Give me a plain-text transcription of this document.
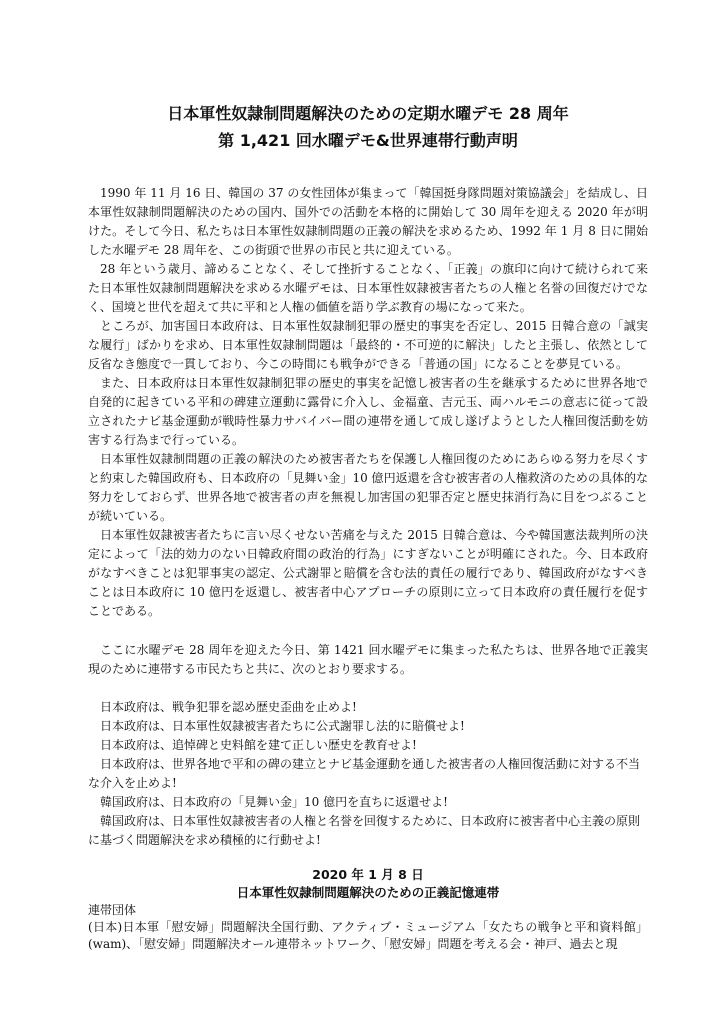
日本軍性奴隷制問題解決のための定期水曜デモ 28 周年
第 1,421 回水曜デモ&世界連帯行動声明

1990 年 11 月 16 日、韓国の 37 の女性団体が集まって「韓国挺身隊問題対策協議会」を結成し、日本軍性奴隷制問題解決のための国内、国外での活動を本格的に開始して 30 周年を迎える 2020 年が明けた。そして今日、私たちは日本軍性奴隷制問題の正義の解決を求めるため、1992 年 1 月 8 日に開始した水曜デモ 28 周年を、この街頭で世界の市民と共に迎えている。

28 年という歳月、諦めることなく、そして挫折することなく、「正義」の旗印に向けて続けられて来た日本軍性奴隷制問題解決を求める水曜デモは、日本軍性奴隷被害者たちの人権と名誉の回復だけでなく、国境と世代を超えて共に平和と人権の価値を語り学ぶ教育の場になって来た。

ところが、加害国日本政府は、日本軍性奴隷制犯罪の歴史的事実を否定し、2015 日韓合意の「誠実な履行」ばかりを求め、日本軍性奴隷制問題は「最終的・不可逆的に解決」したと主張し、依然として反省なき態度で一貫しており、今この時間にも戦争ができる「普通の国」になることを夢見ている。

また、日本政府は日本軍性奴隷制犯罪の歴史的事実を記憶し被害者の生を継承するために世界各地で自発的に起きている平和の碑建立運動に露骨に介入し、金福童、吉元玉、両ハルモニの意志に従って設立されたナビ基金運動が戦時性暴力サバイバー間の連帯を通して成し遂げようとした人権回復活動を妨害する行為まで行っている。

日本軍性奴隷制問題の正義の解決のため被害者たちを保護し人権回復のためにあらゆる努力を尽くすと約束した韓国政府も、日本政府の「見舞い金」10 億円返還を含む被害者の人権救済のための具体的な努力をしておらず、世界各地で被害者の声を無視し加害国の犯罪否定と歴史抹消行為に目をつぶることが続いている。

日本軍性奴隷被害者たちに言い尽くせない苦痛を与えた 2015 日韓合意は、今や韓国憲法裁判所の決定によって「法的効力のない日韓政府間の政治的行為」にすぎないことが明確にされた。今、日本政府がなすべきことは犯罪事実の認定、公式謝罪と賠償を含む法的責任の履行であり、韓国政府がなすべきことは日本政府に 10 億円を返還し、被害者中心アプローチの原則に立って日本政府の責任履行を促すことである。

ここに水曜デモ 28 周年を迎えた今日、第 1421 回水曜デモに集まった私たちは、世界各地で正義実現のために連帯する市民たちと共に、次のとおり要求する。

日本政府は、戦争犯罪を認め歴史歪曲を止めよ!

日本政府は、日本軍性奴隷被害者たちに公式謝罪し法的に賠償せよ!

日本政府は、追悼碑と史料館を建て正しい歴史を教育せよ!

日本政府は、世界各地で平和の碑の建立とナビ基金運動を通した被害者の人権回復活動に対する不当な介入を止めよ!

韓国政府は、日本政府の「見舞い金」10 億円を直ちに返還せよ!

韓国政府は、日本軍性奴隷被害者の人権と名誉を回復するために、日本政府に被害者中心主義の原則に基づく問題解決を求め積極的に行動せよ!

2020 年 1 月 8 日
日本軍性奴隷制問題解決のための正義記憶連帯

連帯団体

(日本)日本軍「慰安婦」問題解決全国行動、アクティブ・ミュージアム「女たちの戦争と平和資料館」(wam)、「慰安婦」問題解決オール連帯ネットワーク、「慰安婦」問題を考える会・神戸、過去と現
